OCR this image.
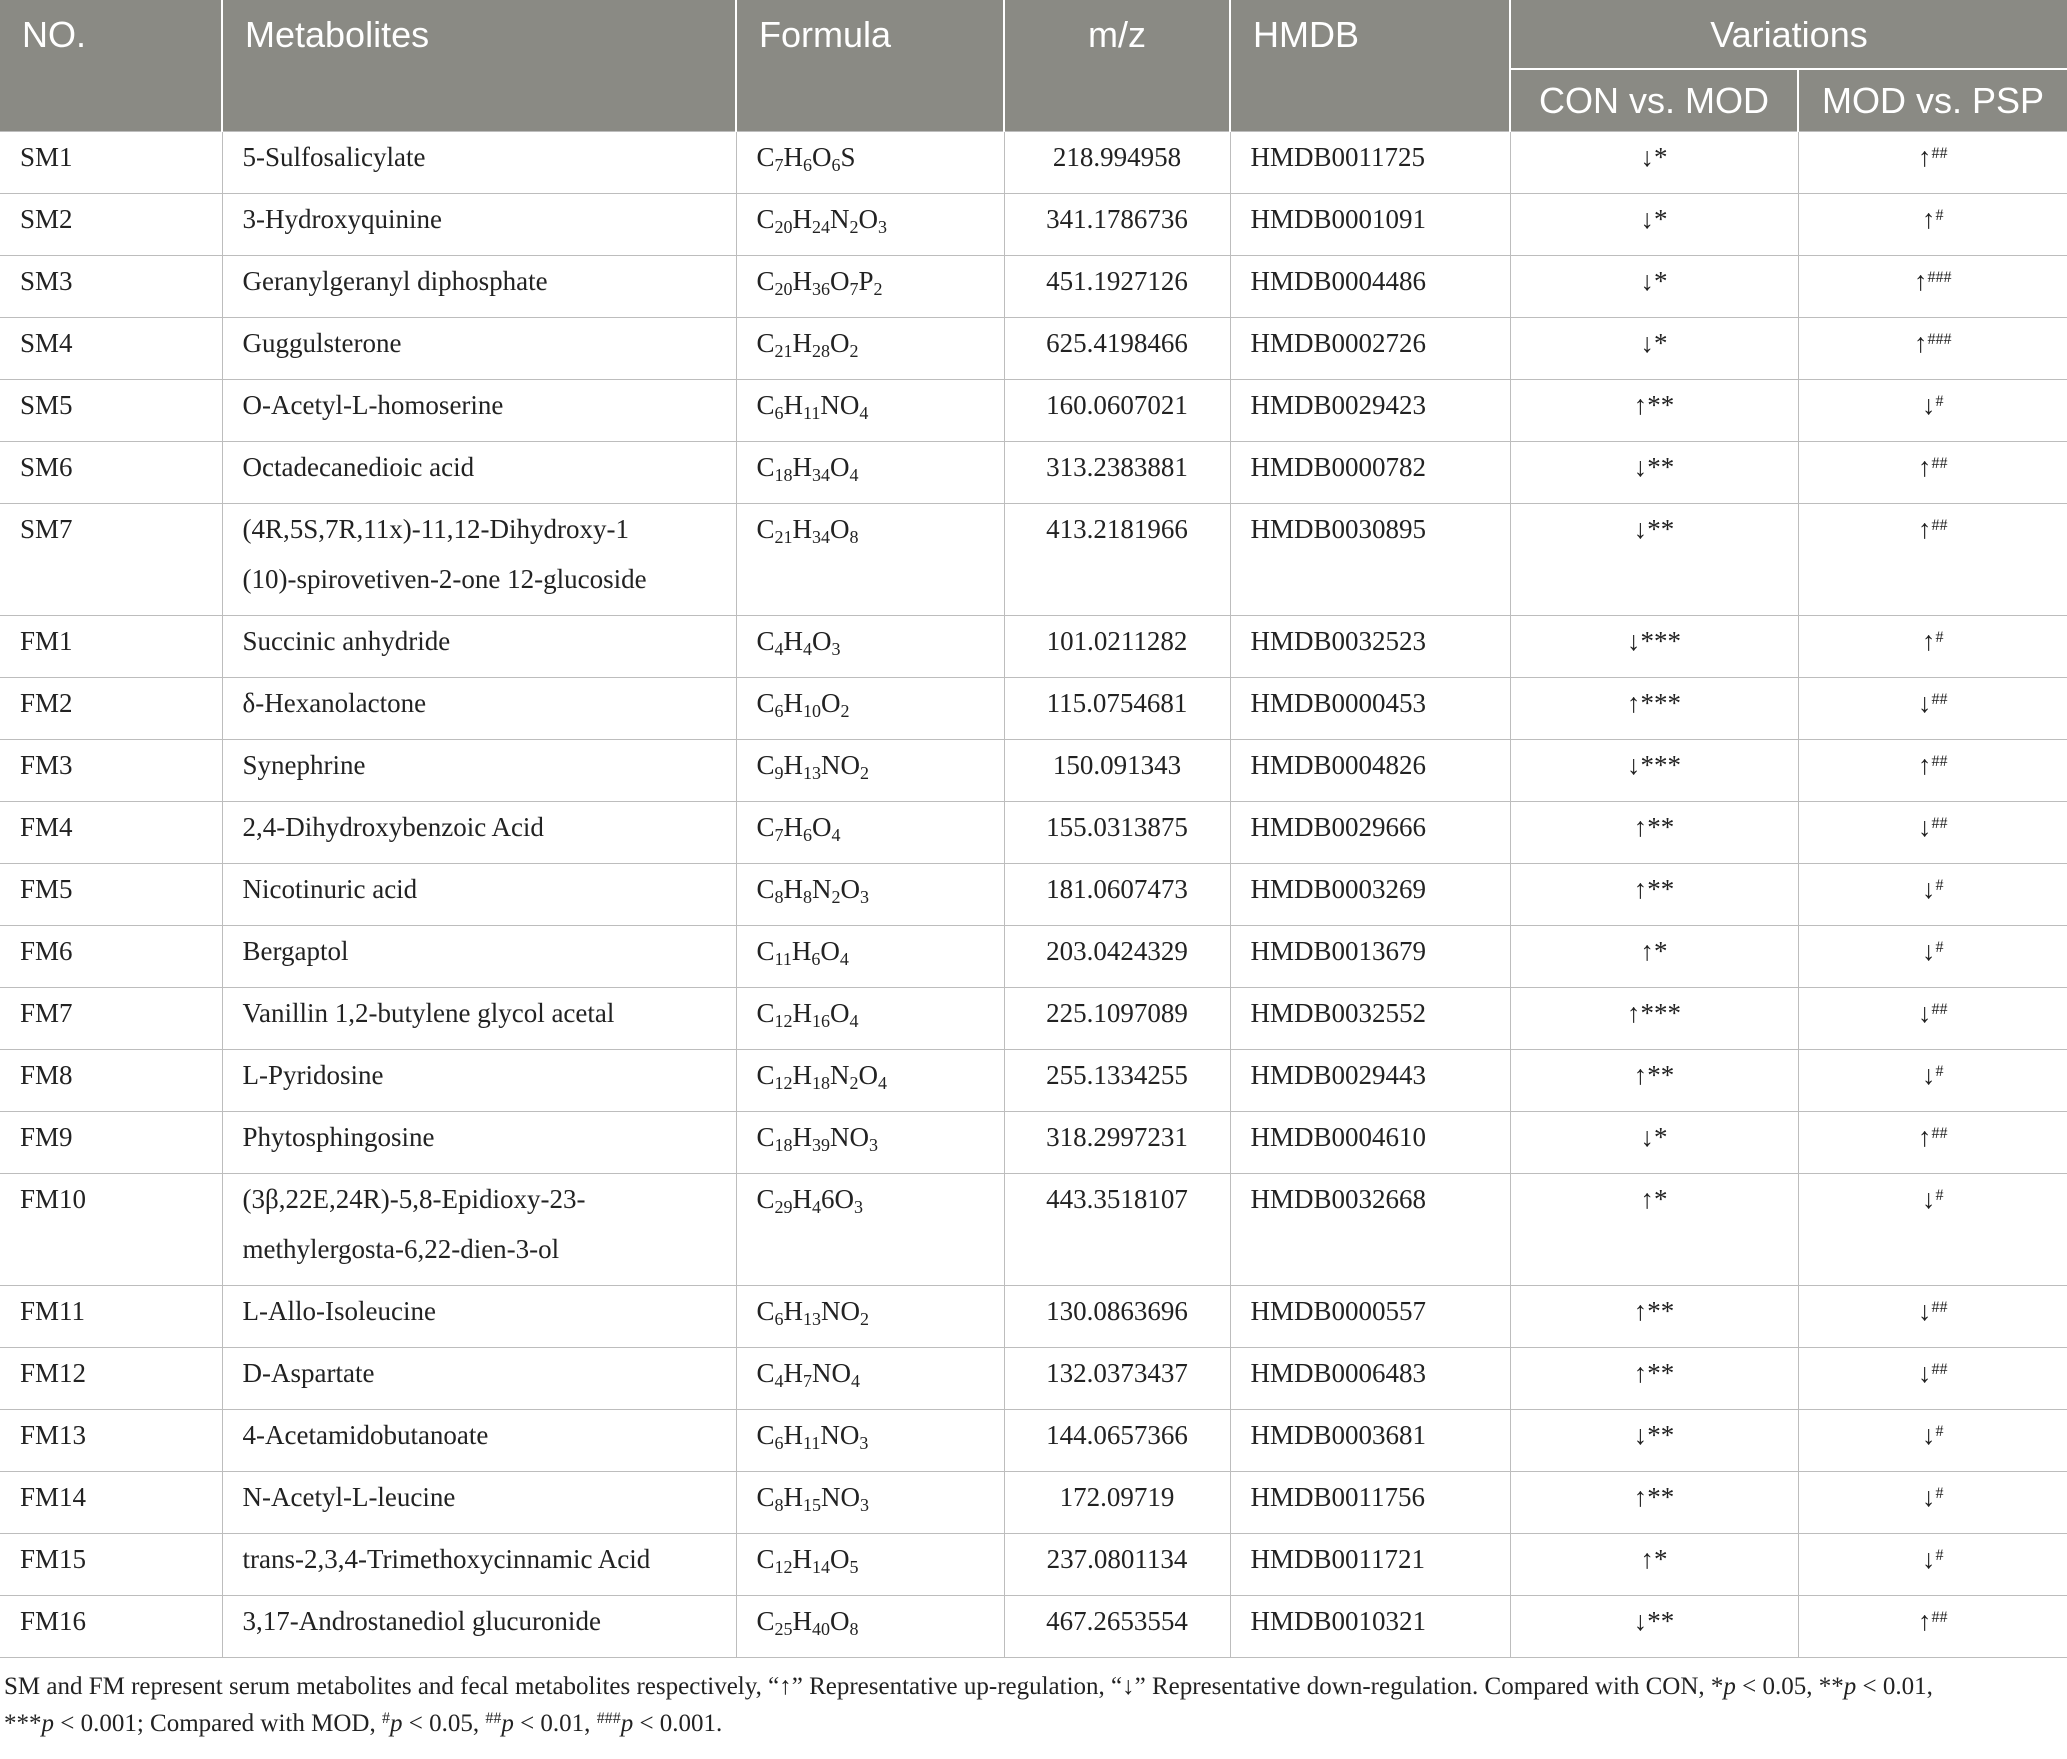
NO.	Metabolites	Formula	m/z	HMDB	Variations	
					CON vs. MOD	MOD vs. PSP
SM1	5-Sulfosalicylate	$C_7H_6O_6S$	218.994958	HMDB0011725	↓*	↑##
SM2	3-Hydroxyquinine	$C_{20}H_{24}N_2O_3$	341.1786736	HMDB0001091	↓*	↑#
SM3	Geranylgeranyl diphosphate	$C_{20}H_{36}O_7P_2$	451.1927126	HMDB0004486	↓*	↑###
SM4	Guggulsterone	$C_{21}H_{28}O_2$	625.4198466	HMDB0002726	↓*	↑###
SM5	O-Acetyl-L-homoserine	$C_6H_{11}NO_4$	160.0607021	HMDB0029423	↑**	↓#
SM6	Octadecanedioic acid	$C_{18}H_{34}O_4$	313.2383881	HMDB0000782	↓**	↑##
SM7	(4R,5S,7R,11x)-11,12-Dihydroxy-1
(10)-spirovetiven-2-one 12-glucoside	$C_{21}H_{34}O_8$	413.2181966	HMDB0030895	↓**	↑##
FM1	Succinic anhydride	$C_4H_4O_3$	101.0211282	HMDB0032523	↓***	↑#
FM2	δ-Hexanolactone	$C_6H_{10}O_2$	115.0754681	HMDB0000453	↑***	↓##
FM3	Synephrine	$C_9H_{13}NO_2$	150.091343	HMDB0004826	↓***	↑##
FM4	2,4-Dihydroxybenzoic Acid	$C_7H_6O_4$	155.0313875	HMDB0029666	↑**	↓##
FM5	Nicotinuric acid	$C_8H_8N_2O_3$	181.0607473	HMDB0003269	↑**	↓#
FM6	Bergaptol	$C_{11}H_6O_4$	203.0424329	HMDB0013679	↑*	↓#
FM7	Vanillin 1,2-butylene glycol acetal	$C_{12}H_{16}O_4$	225.1097089	HMDB0032552	↑***	↓##
FM8	L-Pyridosine	$C_{12}H_{18}N_2O_4$	255.1334255	HMDB0029443	↑**	↓#
FM9	Phytosphingosine	$C_{18}H_{39}NO_3$	318.2997231	HMDB0004610	↓*	↑##
FM10	(3β,22E,24R)-5,8-Epidioxy-23-
methylergosta-6,22-dien-3-ol	$C_{29}H_46O_3$	443.3518107	HMDB0032668	↑*	↓#
FM11	L-Allo-Isoleucine	$C_6H_{13}NO_2$	130.0863696	HMDB0000557	↑**	↓##
FM12	D-Aspartate	$C_4H_7NO_4$	132.0373437	HMDB0006483	↑**	↓##
FM13	4-Acetamidobutanoate	$C_6H_{11}NO_3$	144.0657366	HMDB0003681	↓**	↓#
FM14	N-Acetyl-L-leucine	$C_8H_{15}NO_3$	172.09719	HMDB0011756	↑**	↓#
FM15	trans-2,3,4-Trimethoxycinnamic Acid	$C_{12}H_{14}O_5$	237.0801134	HMDB0011721	↑*	↓#
FM16	3,17-Androstanediol glucuronide	$C_{25}H_{40}O_8$	467.2653554	HMDB0010321	↓**	↑##
SM and FM represent serum metabolites and fecal metabolites respectively, “↑” Representative up-regulation, “↓” Representative down-regulation. Compared with CON, *p < 0.05, **p < 0.01,
***p < 0.001; Compared with MOD, #p < 0.05, ##p < 0.01, ###p < 0.001.
